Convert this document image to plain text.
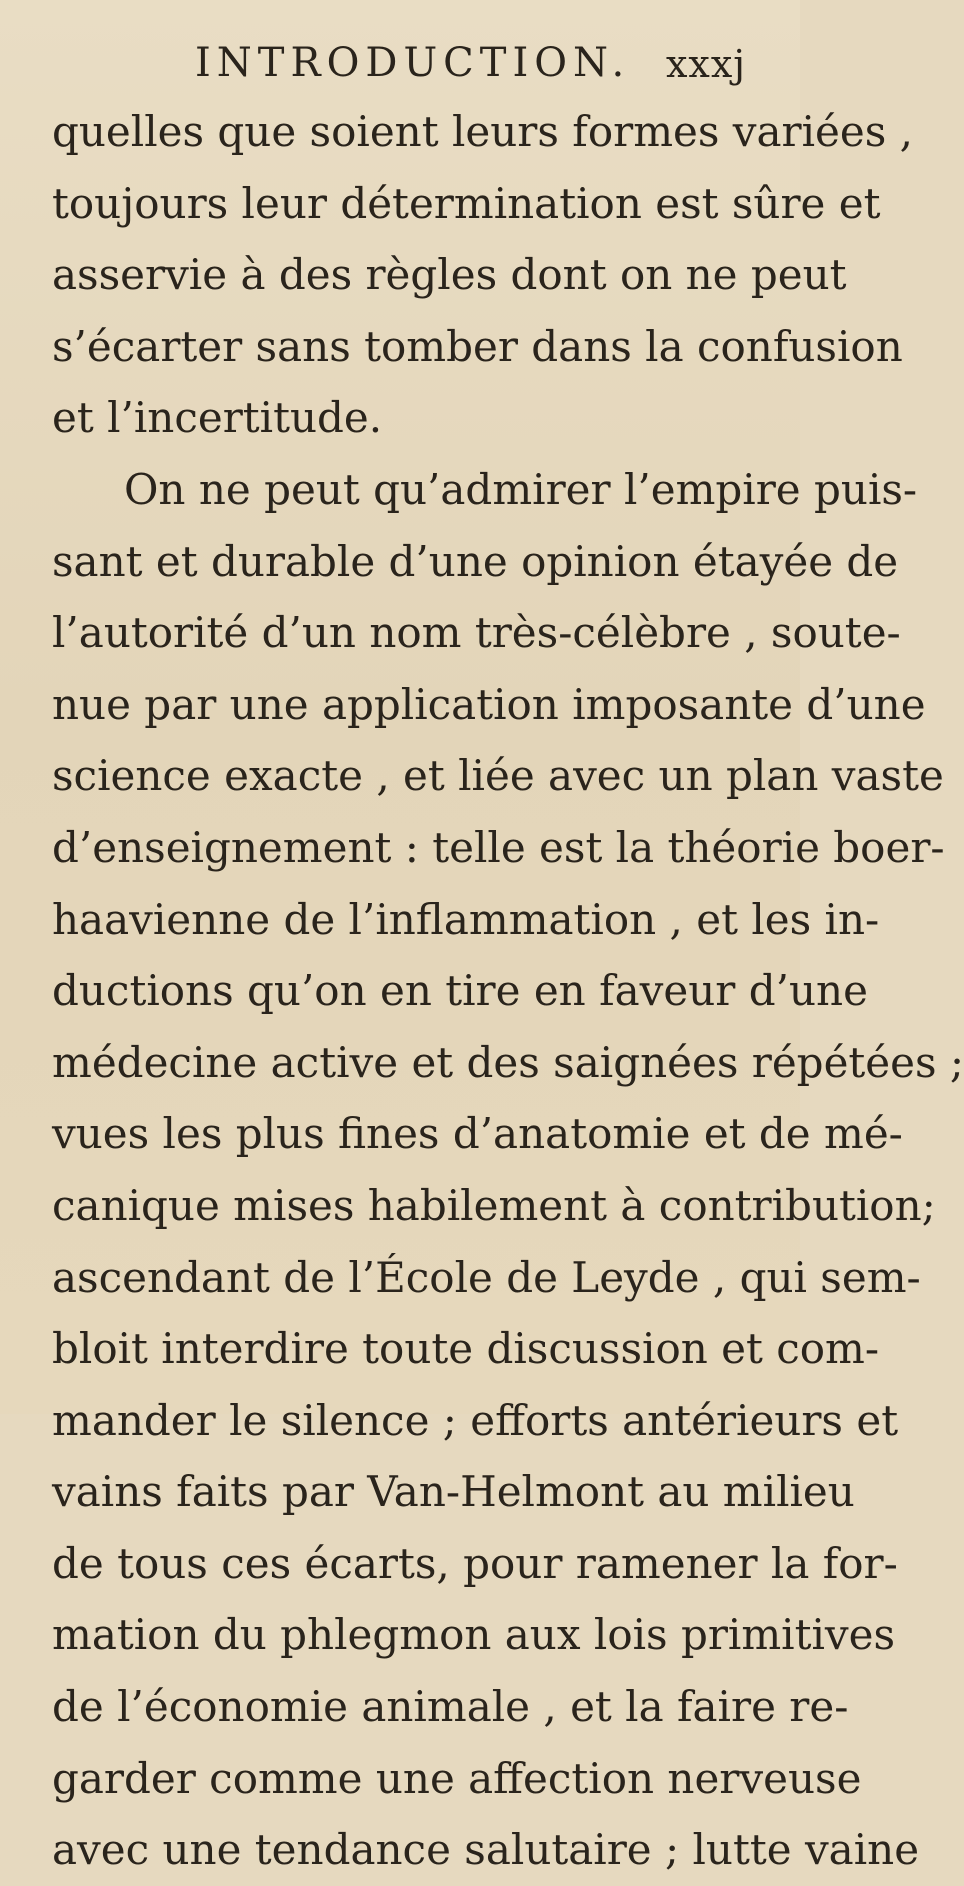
INTRODUCTION. xxxj
quelles que soient leurs formes variées ,
toujours leur détermination est sûre et
asservie à des règles dont on ne peut
s’écarter sans tomber dans la confusion
et l’incertitude.
On ne peut qu’admirer l’empire puis-
sant et durable d’une opinion étayée de
l’autorité d’un nom très-célèbre , soute-
nue par une application imposante d’une
science exacte , et liée avec un plan vaste
d’enseignement : telle est la théorie boer-
haavienne de l’inflammation , et les in-
ductions qu’on en tire en faveur d’une
médecine active et des saignées répétées ;
vues les plus fines d’anatomie et de mé-
canique mises habilement à contribution;
ascendant de l’École de Leyde , qui sem-
bloit interdire toute discussion et com-
mander le silence ; efforts antérieurs et
vains faits par Van-Helmont au milieu
de tous ces écarts, pour ramener la for-
mation du phlegmon aux lois primitives
de l’économie animale , et la faire re-
garder comme une affection nerveuse
avec une tendance salutaire ; lutte vaine
